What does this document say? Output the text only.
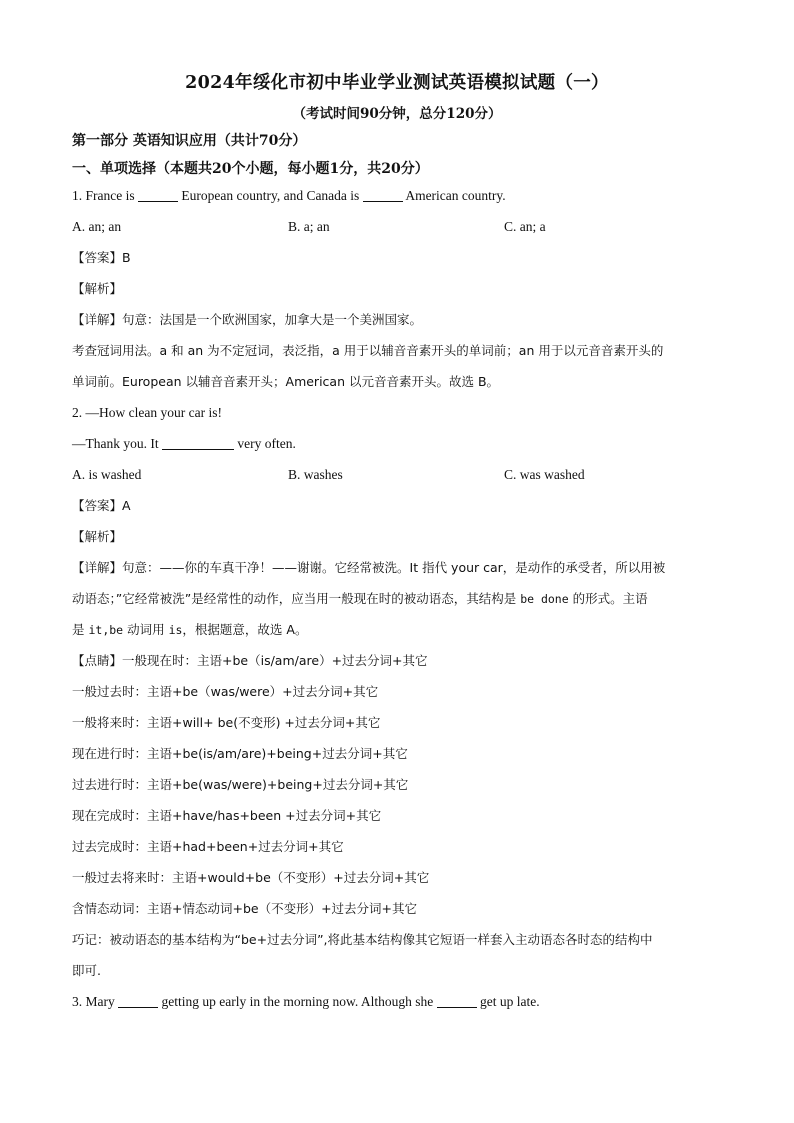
2024年绥化市初中毕业学业测试英语模拟试题（一）
（考试时间90分钟，总分120分）
第一部分 英语知识应用（共计70分）
一、单项选择（本题共20个小题，每小题1分，共20分）
1. France is	European country, and Canada is	American country.
A. an; an	B. a; an	C. an; a
【答案】B
【解析】
【详解】句意：法国是一个欧洲国家，加拿大是一个美洲国家。
考查冠词用法。a 和 an 为不定冠词，表泛指，a 用于以辅音音素开头的单词前；an 用于以元音音素开头的
单词前。European 以辅音音素开头；American 以元音音素开头。故选 B。
2. —How clean your car is!
—Thank you. It	very often.
A. is washed	B. washes	C. was washed
【答案】A
【解析】
【详解】句意：——你的车真干净！——谢谢。它经常被洗。It 指代 your car，是动作的承受者，所以用被
动语态；”它经常被洗”是经常性的动作，应当用一般现在时的被动语态，其结构是 be done 的形式。主语
是 it,be 动词用 is，根据题意，故选 A。
【点睛】一般现在时：主语+be（is/am/are）+过去分词+其它
一般过去时：主语+be（was/were）+过去分词+其它
一般将来时：主语+will+ be(不变形) +过去分词+其它
现在进行时：主语+be(is/am/are)+being+过去分词+其它
过去进行时：主语+be(was/were)+being+过去分词+其它
现在完成时：主语+have/has+been +过去分词+其它
过去完成时：主语+had+been+过去分词+其它
一般过去将来时：主语+would+be（不变形）+过去分词+其它
含情态动词：主语+情态动词+be（不变形）+过去分词+其它
巧记：被动语态的基本结构为“be+过去分词”,将此基本结构像其它短语一样套入主动语态各时态的结构中
即可.
3. Mary	getting up early in the morning now. Although she	get up late.
